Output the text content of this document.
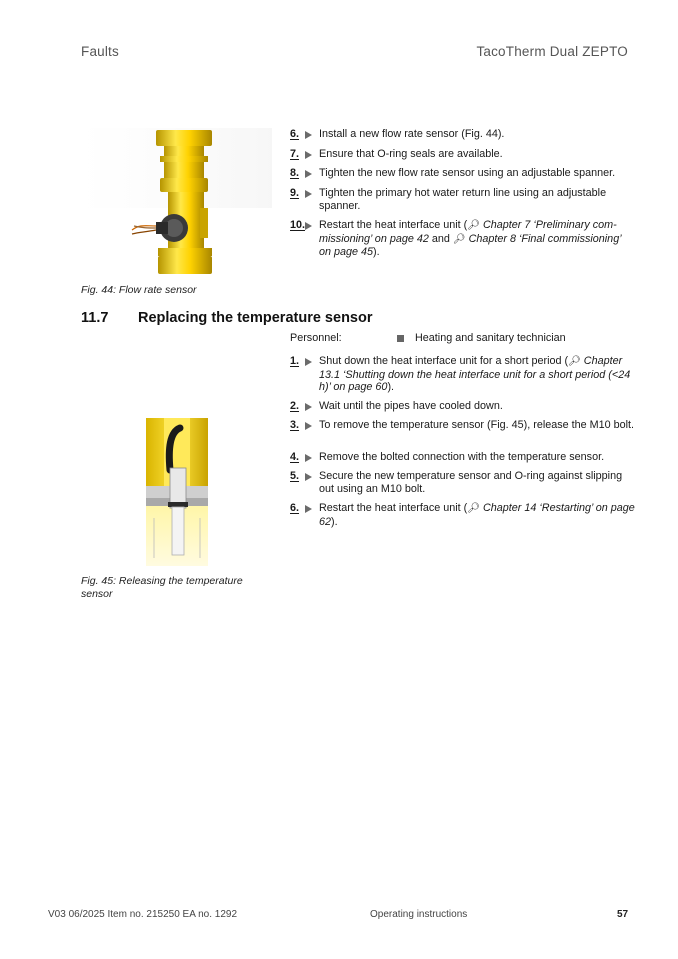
Faults	TacoTherm Dual ZEPTO
Fig. 44: Flow rate sensor
6.	Install a new flow rate sensor (Fig. 44).
7.	Ensure that O-ring seals are available.
8.	Tighten the new flow rate sensor using an adjustable spanner.
9.	Tighten the primary hot water return line using an adjustable spanner.
10.	Restart the heat interface unit (🔎︎ Chapter 7 ‘Preliminary com-missioning’ on page 42 and 🔎︎ Chapter 8 ‘Final commissioning’ on page 45).
11.7 Replacing the temperature sensor
Personnel:	Heating and sanitary technician
1.	Shut down the heat interface unit for a short period (🔎︎ Chapter 13.1 ‘Shutting down the heat interface unit for a short period (<24 h)’ on page 60).
2.	Wait until the pipes have cooled down.
3.	To remove the temperature sensor (Fig. 45), release the M10 bolt.
4.	Remove the bolted connection with the temperature sensor.
5.	Secure the new temperature sensor and O-ring against slipping out using an M10 bolt.
6.	Restart the heat interface unit (🔎︎ Chapter 14 ‘Restarting’ on page 62).
Fig. 45: Releasing the temperature sensor
V03 06/2025 Item no. 215250 EA no. 1292	Operating instructions	57
